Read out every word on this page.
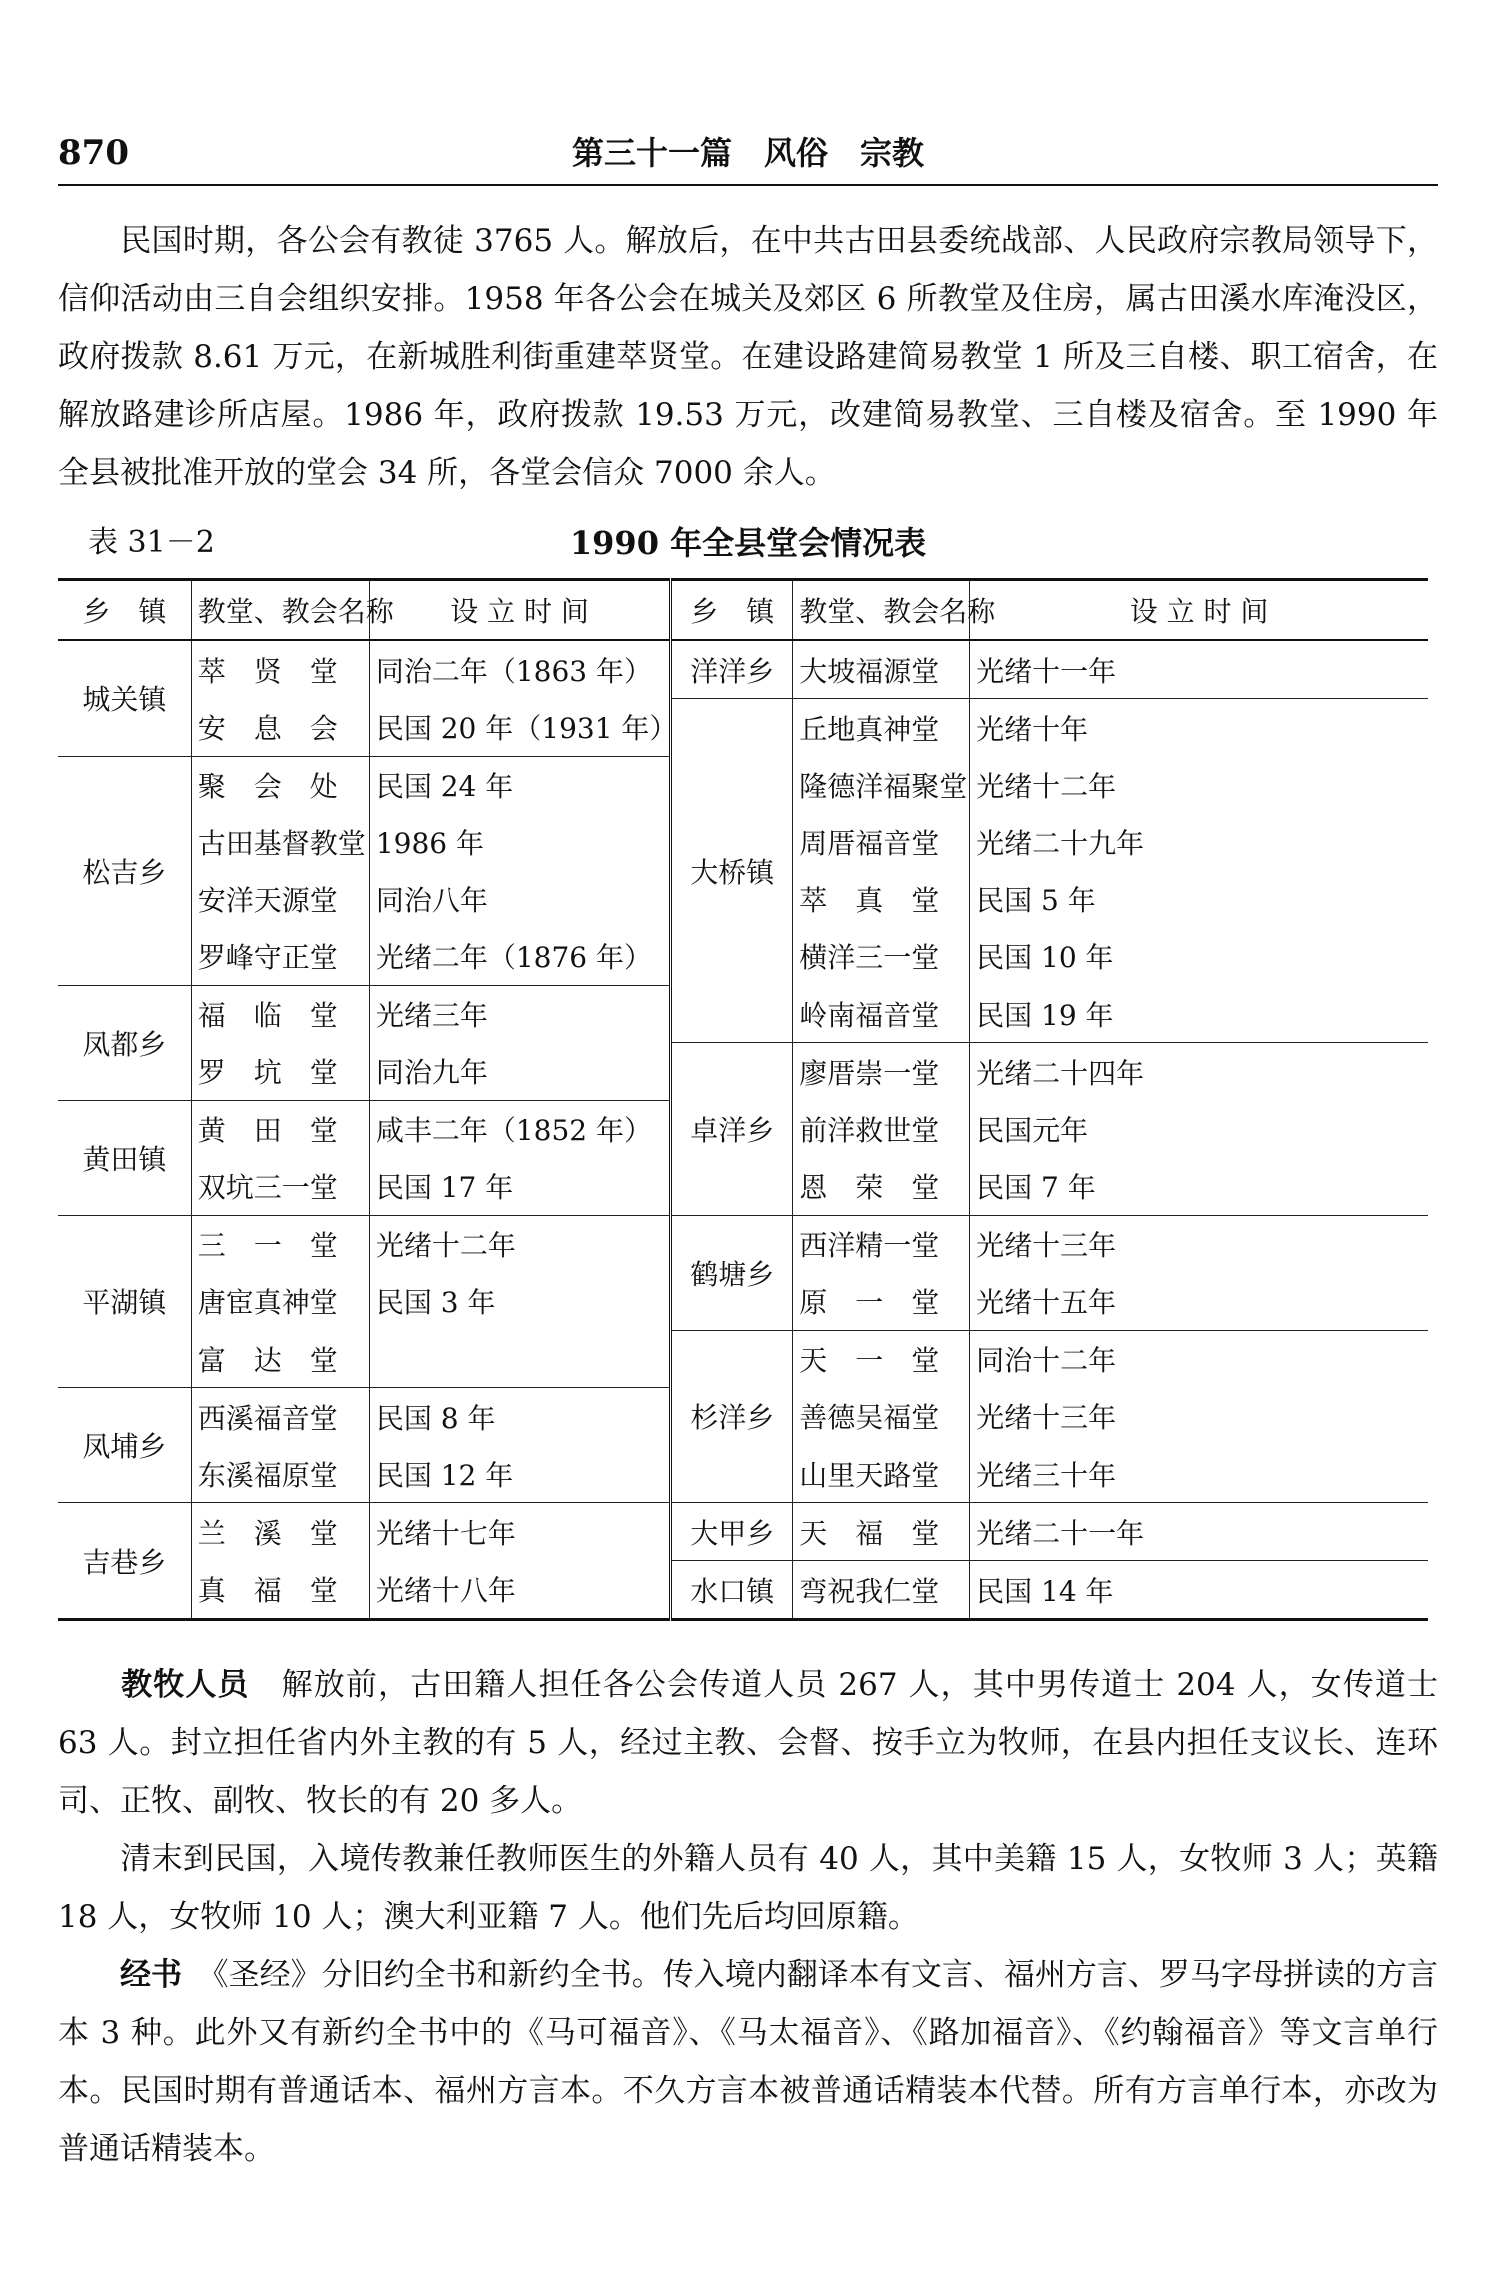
870	第三十一篇　风俗　宗教
民国时期，各公会有教徒 3765 人。解放后，在中共古田县委统战部、人民政府宗教局领导下，信仰活动由三自会组织安排。1958 年各公会在城关及郊区 6 所教堂及住房，属古田溪水库淹没区，政府拨款 8.61 万元，在新城胜利街重建萃贤堂。在建设路建简易教堂 1 所及三自楼、职工宿舍，在解放路建诊所店屋。1986 年，政府拨款 19.53 万元，改建简易教堂、三自楼及宿舍。至 1990 年全县被批准开放的堂会 34 所，各堂会信众 7000 余人。
表 31－2	1990 年全县堂会情况表
乡　镇	教堂、教会名称	设 立 时 间	乡　镇	教堂、教会名称	设 立 时 间
城关镇	萃　贤　堂	同治二年（1863 年）	洋洋乡	大坡福源堂	光绪十一年
	安　息　会	民国 20 年（1931 年）	大桥镇	丘地真神堂	光绪十年
松吉乡	聚　会　处	民国 24 年		隆德洋福聚堂	光绪十二年
	古田基督教堂	1986 年		周厝福音堂	光绪二十九年
	安洋天源堂	同治八年		萃　真　堂	民国 5 年
	罗峰守正堂	光绪二年（1876 年）		横洋三一堂	民国 10 年
凤都乡	福　临　堂	光绪三年		岭南福音堂	民国 19 年
	罗　坑　堂	同治九年	卓洋乡	廖厝崇一堂	光绪二十四年
黄田镇	黄　田　堂	咸丰二年（1852 年）		前洋救世堂	民国元年
	双坑三一堂	民国 17 年		恩　荣　堂	民国 7 年
平湖镇	三　一　堂	光绪十二年	鹤塘乡	西洋精一堂	光绪十三年
	唐宦真神堂	民国 3 年		原　一　堂	光绪十五年
	富　达　堂		杉洋乡	天　一　堂	同治十二年
凤埔乡	西溪福音堂	民国 8 年		善德吴福堂	光绪十三年
	东溪福原堂	民国 12 年		山里天路堂	光绪三十年
吉巷乡	兰　溪　堂	光绪十七年	大甲乡	天　福　堂	光绪二十一年
	真　福　堂	光绪十八年	水口镇	弯祝我仁堂	民国 14 年
教牧人员　 解放前，古田籍人担任各公会传道人员 267 人，其中男传道士 204 人，女传道士 63 人。封立担任省内外主教的有 5 人，经过主教、会督、按手立为牧师，在县内担任支议长、连环司、正牧、副牧、牧长的有 20 多人。
清末到民国，入境传教兼任教师医生的外籍人员有 40 人，其中美籍 15 人，女牧师 3 人；英籍 18 人，女牧师 10 人；澳大利亚籍 7 人。他们先后均回原籍。
经书　 《圣经》分旧约全书和新约全书。传入境内翻译本有文言、福州方言、罗马字母拼读的方言本 3 种。此外又有新约全书中的《马可福音》、《马太福音》、《路加福音》、《约翰福音》等文言单行本。民国时期有普通话本、福州方言本。不久方言本被普通话精装本代替。所有方言单行本，亦改为普通话精装本。
